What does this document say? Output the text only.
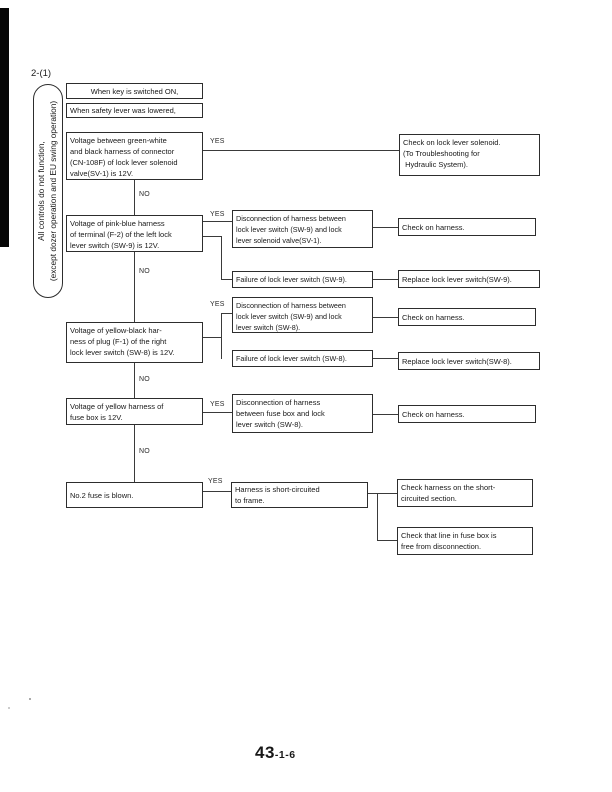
2-(1)
All controls do not function, (except dozer operation and EU swing operation)
When key is switched ON,
When safety lever was lowered,
Voltage between green-white
and black harness of connector
(CN-108F) of lock lever solenoid
valve(SV-1) is 12V.
Check on lock lever solenoid.
(To Troubleshooting for
Hydraulic System).
YES
NO
Voltage of pink-blue harness
of terminal (F-2) of the left lock
lever switch (SW-9) is 12V.
Disconnection of harness between
lock lever switch (SW-9) and lock
lever solenoid valve(SV-1).
Check on harness.
YES
Failure of lock lever switch (SW-9).	Replace lock lever switch(SW-9).
NO
Voltage of yellow-black har-
ness of plug (F-1) of the right
lock lever switch (SW-8) is 12V.
Disconnection of harness between
lock lever switch (SW-9) and lock
lever switch (SW-8).
Check on harness.
YES
Failure of lock lever switch (SW-8).	Replace lock lever switch(SW-8).
NO
Voltage of yellow harness of
fuse box is 12V.
Disconnection of harness
between fuse box and lock
lever switch (SW-8).
Check on harness.
YES
NO
No.2 fuse is blown.
Harness is short-circuited
to frame.
Check harness on the short-
circuited section.
Check that line in fuse box is
free from disconnection.
YES
43-1-6
